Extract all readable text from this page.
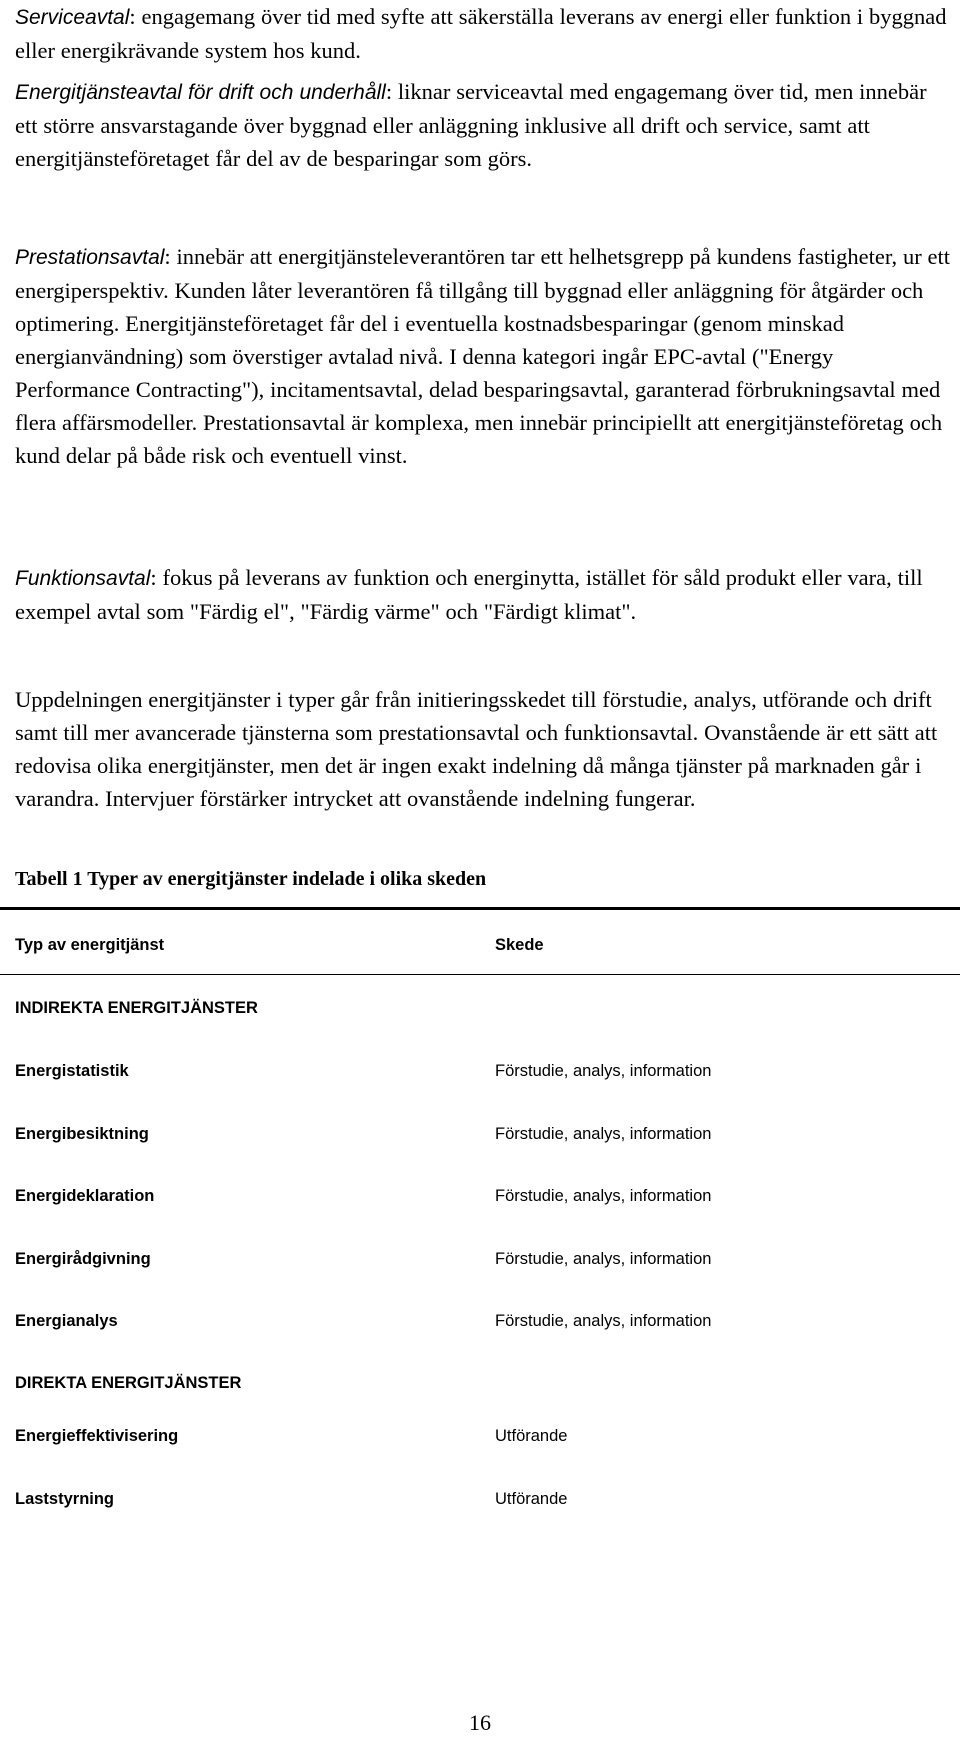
Serviceavtal: engagemang över tid med syfte att säkerställa leverans av energi eller funktion i byggnad eller energikrävande system hos kund.

Energitjänsteavtal för drift och underhåll: liknar serviceavtal med engagemang över tid, men innebär ett större ansvarstagande över byggnad eller anläggning inklusive all drift och service, samt att energitjänsteföretaget får del av de besparingar som görs.

Prestationsavtal: innebär att energitjänsteleverantören tar ett helhetsgrepp på kundens fastigheter, ur ett energiperspektiv. Kunden låter leverantören få tillgång till byggnad eller anläggning för åtgärder och optimering. Energitjänsteföretaget får del i eventuella kostnadsbesparingar (genom minskad energianvändning) som överstiger avtalad nivå. I denna kategori ingår EPC-avtal ("Energy Performance Contracting"), incitamentsavtal, delad besparingsavtal, garanterad förbrukningsavtal med flera affärsmodeller. Prestationsavtal är komplexa, men innebär principiellt att energitjänsteföretag och kund delar på både risk och eventuell vinst.

Funktionsavtal: fokus på leverans av funktion och energinytta, istället för såld produkt eller vara, till exempel avtal som "Färdig el", "Färdig värme" och "Färdigt klimat".

Uppdelningen energitjänster i typer går från initieringsskedet till förstudie, analys, utförande och drift samt till mer avancerade tjänsterna som prestationsavtal och funktionsavtal. Ovanstående är ett sätt att redovisa olika energitjänster, men det är ingen exakt indelning då många tjänster på marknaden går i varandra. Intervjuer förstärker intrycket att ovanstående indelning fungerar.

Tabell 1 Typer av energitjänster indelade i olika skeden

Typ av energitjänst	Skede
INDIREKTA ENERGITJÄNSTER
Energistatistik	Förstudie, analys, information
Energibesiktning	Förstudie, analys, information
Energideklaration	Förstudie, analys, information
Energirådgivning	Förstudie, analys, information
Energianalys	Förstudie, analys, information
DIREKTA ENERGITJÄNSTER
Energieffektivisering	Utförande
Laststyrning	Utförande
16
